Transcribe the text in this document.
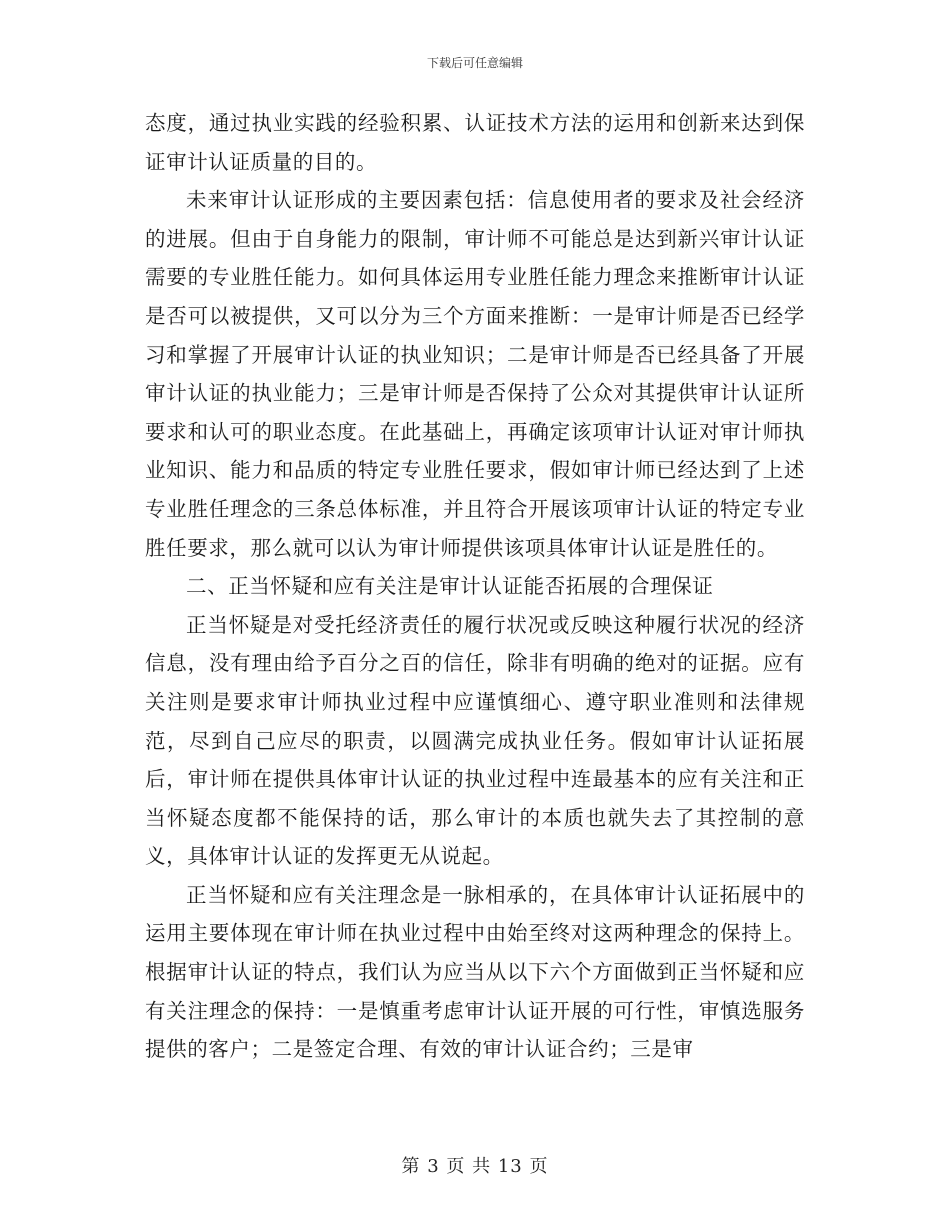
下载后可任意编辑

态度，通过执业实践的经验积累、认证技术方法的运用和创新来达到保证审计认证质量的目的。

未来审计认证形成的主要因素包括：信息使用者的要求及社会经济的进展。但由于自身能力的限制，审计师不可能总是达到新兴审计认证需要的专业胜任能力。如何具体运用专业胜任能力理念来推断审计认证是否可以被提供，又可以分为三个方面来推断：一是审计师是否已经学习和掌握了开展审计认证的执业知识；二是审计师是否已经具备了开展审计认证的执业能力；三是审计师是否保持了公众对其提供审计认证所要求和认可的职业态度。在此基础上，再确定该项审计认证对审计师执业知识、能力和品质的特定专业胜任要求，假如审计师已经达到了上述专业胜任理念的三条总体标准，并且符合开展该项审计认证的特定专业胜任要求，那么就可以认为审计师提供该项具体审计认证是胜任的。

二、正当怀疑和应有关注是审计认证能否拓展的合理保证

正当怀疑是对受托经济责任的履行状况或反映这种履行状况的经济信息，没有理由给予百分之百的信任，除非有明确的绝对的证据。应有关注则是要求审计师执业过程中应谨慎细心、遵守职业准则和法律规范，尽到自己应尽的职责，以圆满完成执业任务。假如审计认证拓展后，审计师在提供具体审计认证的执业过程中连最基本的应有关注和正当怀疑态度都不能保持的话，那么审计的本质也就失去了其控制的意义，具体审计认证的发挥更无从说起。

正当怀疑和应有关注理念是一脉相承的，在具体审计认证拓展中的运用主要体现在审计师在执业过程中由始至终对这两种理念的保持上。根据审计认证的特点，我们认为应当从以下六个方面做到正当怀疑和应有关注理念的保持：一是慎重考虑审计认证开展的可行性，审慎选服务提供的客户；二是签定合理、有效的审计认证合约；三是审

第 3 页 共 13 页
